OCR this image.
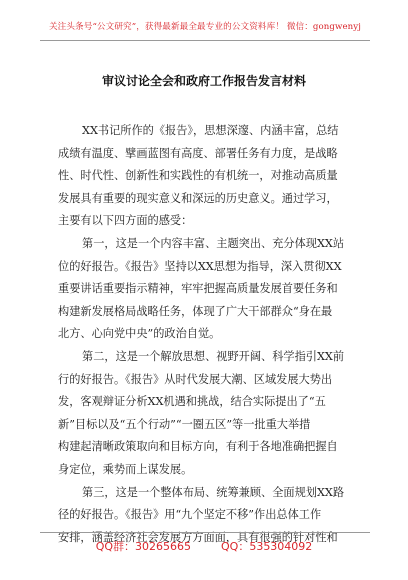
关注头条号“公文研究”，获得最新最全最专业的公文资料库！ 微信：gongwenyj
审议讨论全会和政府工作报告发言材料
XX书记所作的《报告》，思想深邃、内涵丰富，总结
成绩有温度、擘画蓝图有高度、部署任务有力度，是战略
性、时代性、创新性和实践性的有机统一，对推动高质量
发展具有重要的现实意义和深远的历史意义。通过学习，
主要有以下四方面的感受：
第一，这是一个内容丰富、主题突出、充分体现XX站
位的好报告。《报告》坚持以XX思想为指导，深入贯彻XX
重要讲话重要指示精神，牢牢把握高质量发展首要任务和
构建新发展格局战略任务，体现了广大干部群众“身在最
北方、心向党中央”的政治自觉。
第二，这是一个解放思想、视野开阔、科学指引XX前
行的好报告。《报告》从时代发展大潮、区域发展大势出
发，客观辩证分析XX机遇和挑战，结合实际提出了“五
新”目标以及“五个行动”“一圈五区”等一批重大举措
构建起清晰政策取向和目标方向，有利于各地准确把握自
身定位，乘势而上谋发展。
第三，这是一个整体布局、统筹兼顾、全面规划XX路
径的好报告。《报告》用“九个坚定不移”作出总体工作
安排，涵盖经济社会发展方方面面，具有很强的针对性和
QQ群：30265665	QQ：535304092
